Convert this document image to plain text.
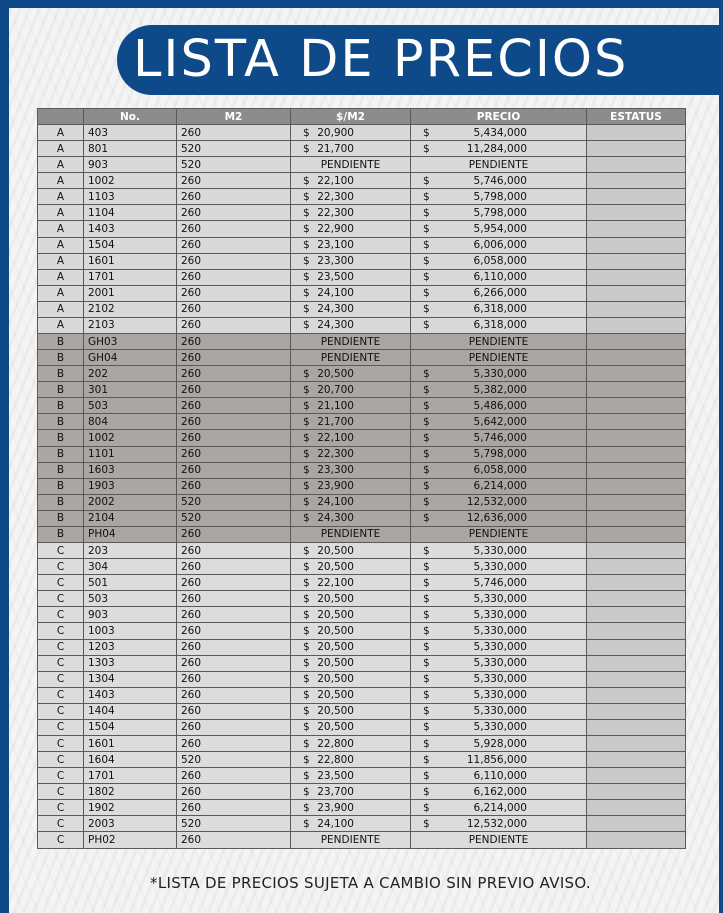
LISTA DE PRECIOS
	No.	M2	$/M2	PRECIO	ESTATUS
A	403	260	$ 20,900	$ 5,434,000	

A	801	520	$ 21,700	$ 11,284,000	

A	903	520	PENDIENTE	PENDIENTE	
A	1002	260	$ 22,100	$ 5,746,000	

A	1103	260	$ 22,300	$ 5,798,000	

A	1104	260	$ 22,300	$ 5,798,000	

A	1403	260	$ 22,900	$ 5,954,000	

A	1504	260	$ 23,100	$ 6,006,000	

A	1601	260	$ 23,300	$ 6,058,000	

A	1701	260	$ 23,500	$ 6,110,000	

A	2001	260	$ 24,100	$ 6,266,000	

A	2102	260	$ 24,300	$ 6,318,000	

A	2103	260	$ 24,300	$ 6,318,000	

B	GH03	260	PENDIENTE	PENDIENTE	
B	GH04	260	PENDIENTE	PENDIENTE	
B	202	260	$ 20,500	$ 5,330,000	

B	301	260	$ 20,700	$ 5,382,000	

B	503	260	$ 21,100	$ 5,486,000	

B	804	260	$ 21,700	$ 5,642,000	

B	1002	260	$ 22,100	$ 5,746,000	

B	1101	260	$ 22,300	$ 5,798,000	

B	1603	260	$ 23,300	$ 6,058,000	

B	1903	260	$ 23,900	$ 6,214,000	

B	2002	520	$ 24,100	$ 12,532,000	

B	2104	520	$ 24,300	$ 12,636,000	

B	PH04	260	PENDIENTE	PENDIENTE	
C	203	260	$ 20,500	$ 5,330,000	

C	304	260	$ 20,500	$ 5,330,000	

C	501	260	$ 22,100	$ 5,746,000	

C	503	260	$ 20,500	$ 5,330,000	

C	903	260	$ 20,500	$ 5,330,000	

C	1003	260	$ 20,500	$ 5,330,000	

C	1203	260	$ 20,500	$ 5,330,000	

C	1303	260	$ 20,500	$ 5,330,000	

C	1304	260	$ 20,500	$ 5,330,000	

C	1403	260	$ 20,500	$ 5,330,000	

C	1404	260	$ 20,500	$ 5,330,000	

C	1504	260	$ 20,500	$ 5,330,000	

C	1601	260	$ 22,800	$ 5,928,000	

C	1604	520	$ 22,800	$ 11,856,000	

C	1701	260	$ 23,500	$ 6,110,000	

C	1802	260	$ 23,700	$ 6,162,000	

C	1902	260	$ 23,900	$ 6,214,000	

C	2003	520	$ 24,100	$ 12,532,000	

C	PH02	260	PENDIENTE	PENDIENTE	
*LISTA DE PRECIOS SUJETA A CAMBIO SIN PREVIO AVISO.
